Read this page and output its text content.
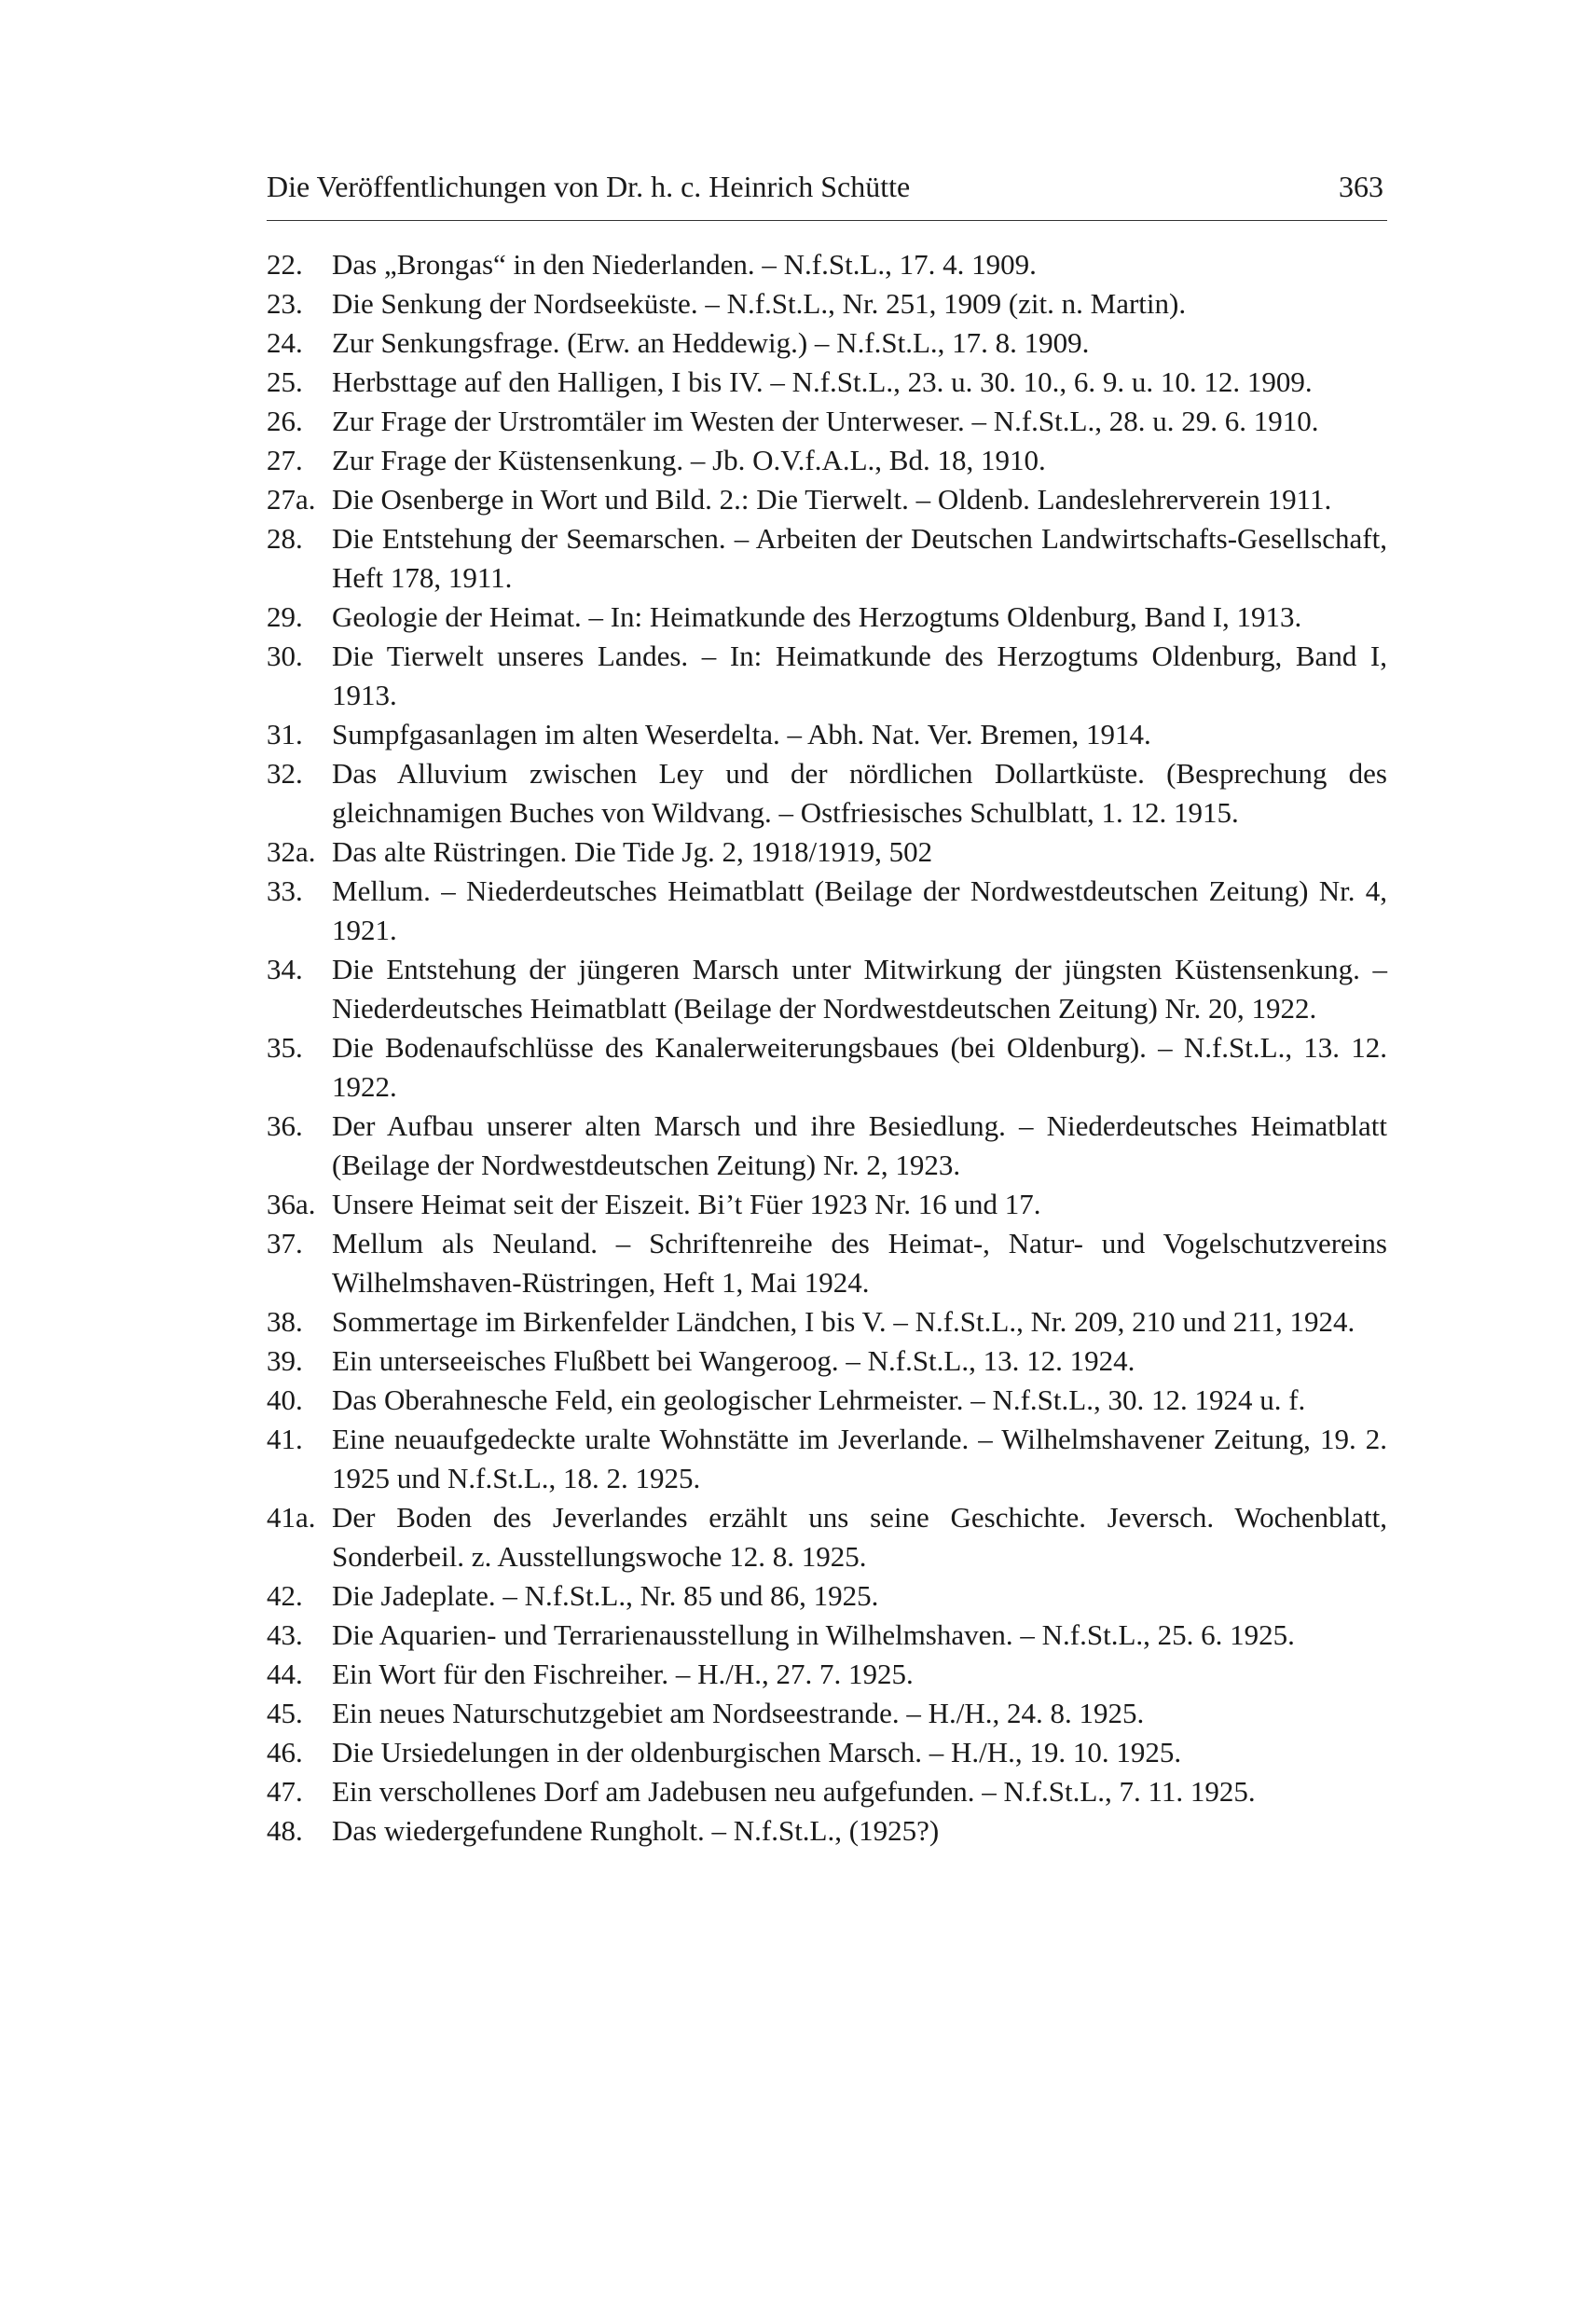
Die Veröffentlichungen von Dr. h. c. Heinrich Schütte	363
22.	Das „Brongas“ in den Niederlanden. – N.f.St.L., 17. 4. 1909.
23.	Die Senkung der Nordseeküste. – N.f.St.L., Nr. 251, 1909 (zit. n. Martin).
24.	Zur Senkungsfrage. (Erw. an Heddewig.) – N.f.St.L., 17. 8. 1909.
25.	Herbsttage auf den Halligen, I bis IV. – N.f.St.L., 23. u. 30. 10., 6. 9. u. 10. 12. 1909.
26.	Zur Frage der Urstromtäler im Westen der Unterweser. – N.f.St.L., 28. u. 29. 6. 1910.
27.	Zur Frage der Küstensenkung. – Jb. O.V.f.A.L., Bd. 18, 1910.
27a. Die Osenberge in Wort und Bild. 2.: Die Tierwelt. – Oldenb. Landeslehrerverein 1911.
28.	Die Entstehung der Seemarschen. – Arbeiten der Deutschen Landwirtschafts-Gesellschaft, Heft 178, 1911.
29.	Geologie der Heimat. – In: Heimatkunde des Herzogtums Oldenburg, Band I, 1913.
30.	Die Tierwelt unseres Landes. – In: Heimatkunde des Herzogtums Oldenburg, Band I, 1913.
31.	Sumpfgasanlagen im alten Weserdelta. – Abh. Nat. Ver. Bremen, 1914.
32.	Das Alluvium zwischen Ley und der nördlichen Dollartküste. (Besprechung des gleichnamigen Buches von Wildvang. – Ostfriesisches Schulblatt, 1. 12. 1915.
32a. Das alte Rüstringen. Die Tide Jg. 2, 1918/1919, 502
33.	Mellum. – Niederdeutsches Heimatblatt (Beilage der Nordwestdeutschen Zeitung) Nr. 4, 1921.
34.	Die Entstehung der jüngeren Marsch unter Mitwirkung der jüngsten Küstensenkung. – Niederdeutsches Heimatblatt (Beilage der Nordwestdeutschen Zeitung) Nr. 20, 1922.
35.	Die Bodenaufschlüsse des Kanalerweiterungsbaues (bei Oldenburg). – N.f.St.L., 13. 12. 1922.
36.	Der Aufbau unserer alten Marsch und ihre Besiedlung. – Niederdeutsches Heimatblatt (Beilage der Nordwestdeutschen Zeitung) Nr. 2, 1923.
36a. Unsere Heimat seit der Eiszeit. Bi’t Füer 1923 Nr. 16 und 17.
37.	Mellum als Neuland. – Schriftenreihe des Heimat-, Natur- und Vogelschutzvereins Wilhelmshaven-Rüstringen, Heft 1, Mai 1924.
38.	Sommertage im Birkenfelder Ländchen, I bis V. – N.f.St.L., Nr. 209, 210 und 211, 1924.
39.	Ein unterseeisches Flußbett bei Wangeroog. – N.f.St.L., 13. 12. 1924.
40.	Das Oberahnesche Feld, ein geologischer Lehrmeister. – N.f.St.L., 30. 12. 1924 u. f.
41.	Eine neuaufgedeckte uralte Wohnstätte im Jeverlande. – Wilhelmshavener Zeitung, 19. 2. 1925 und N.f.St.L., 18. 2. 1925.
41a. Der Boden des Jeverlandes erzählt uns seine Geschichte. Jeversch. Wochenblatt, Sonderbeil. z. Ausstellungswoche 12. 8. 1925.
42.	Die Jadeplate. – N.f.St.L., Nr. 85 und 86, 1925.
43.	Die Aquarien- und Terrarienausstellung in Wilhelmshaven. – N.f.St.L., 25. 6. 1925.
44.	Ein Wort für den Fischreiher. – H./H., 27. 7. 1925.
45.	Ein neues Naturschutzgebiet am Nordseestrande. – H./H., 24. 8. 1925.
46.	Die Ursiedelungen in der oldenburgischen Marsch. – H./H., 19. 10. 1925.
47.	Ein verschollenes Dorf am Jadebusen neu aufgefunden. – N.f.St.L., 7. 11. 1925.
48.	Das wiedergefundene Rungholt. – N.f.St.L., (1925?)
